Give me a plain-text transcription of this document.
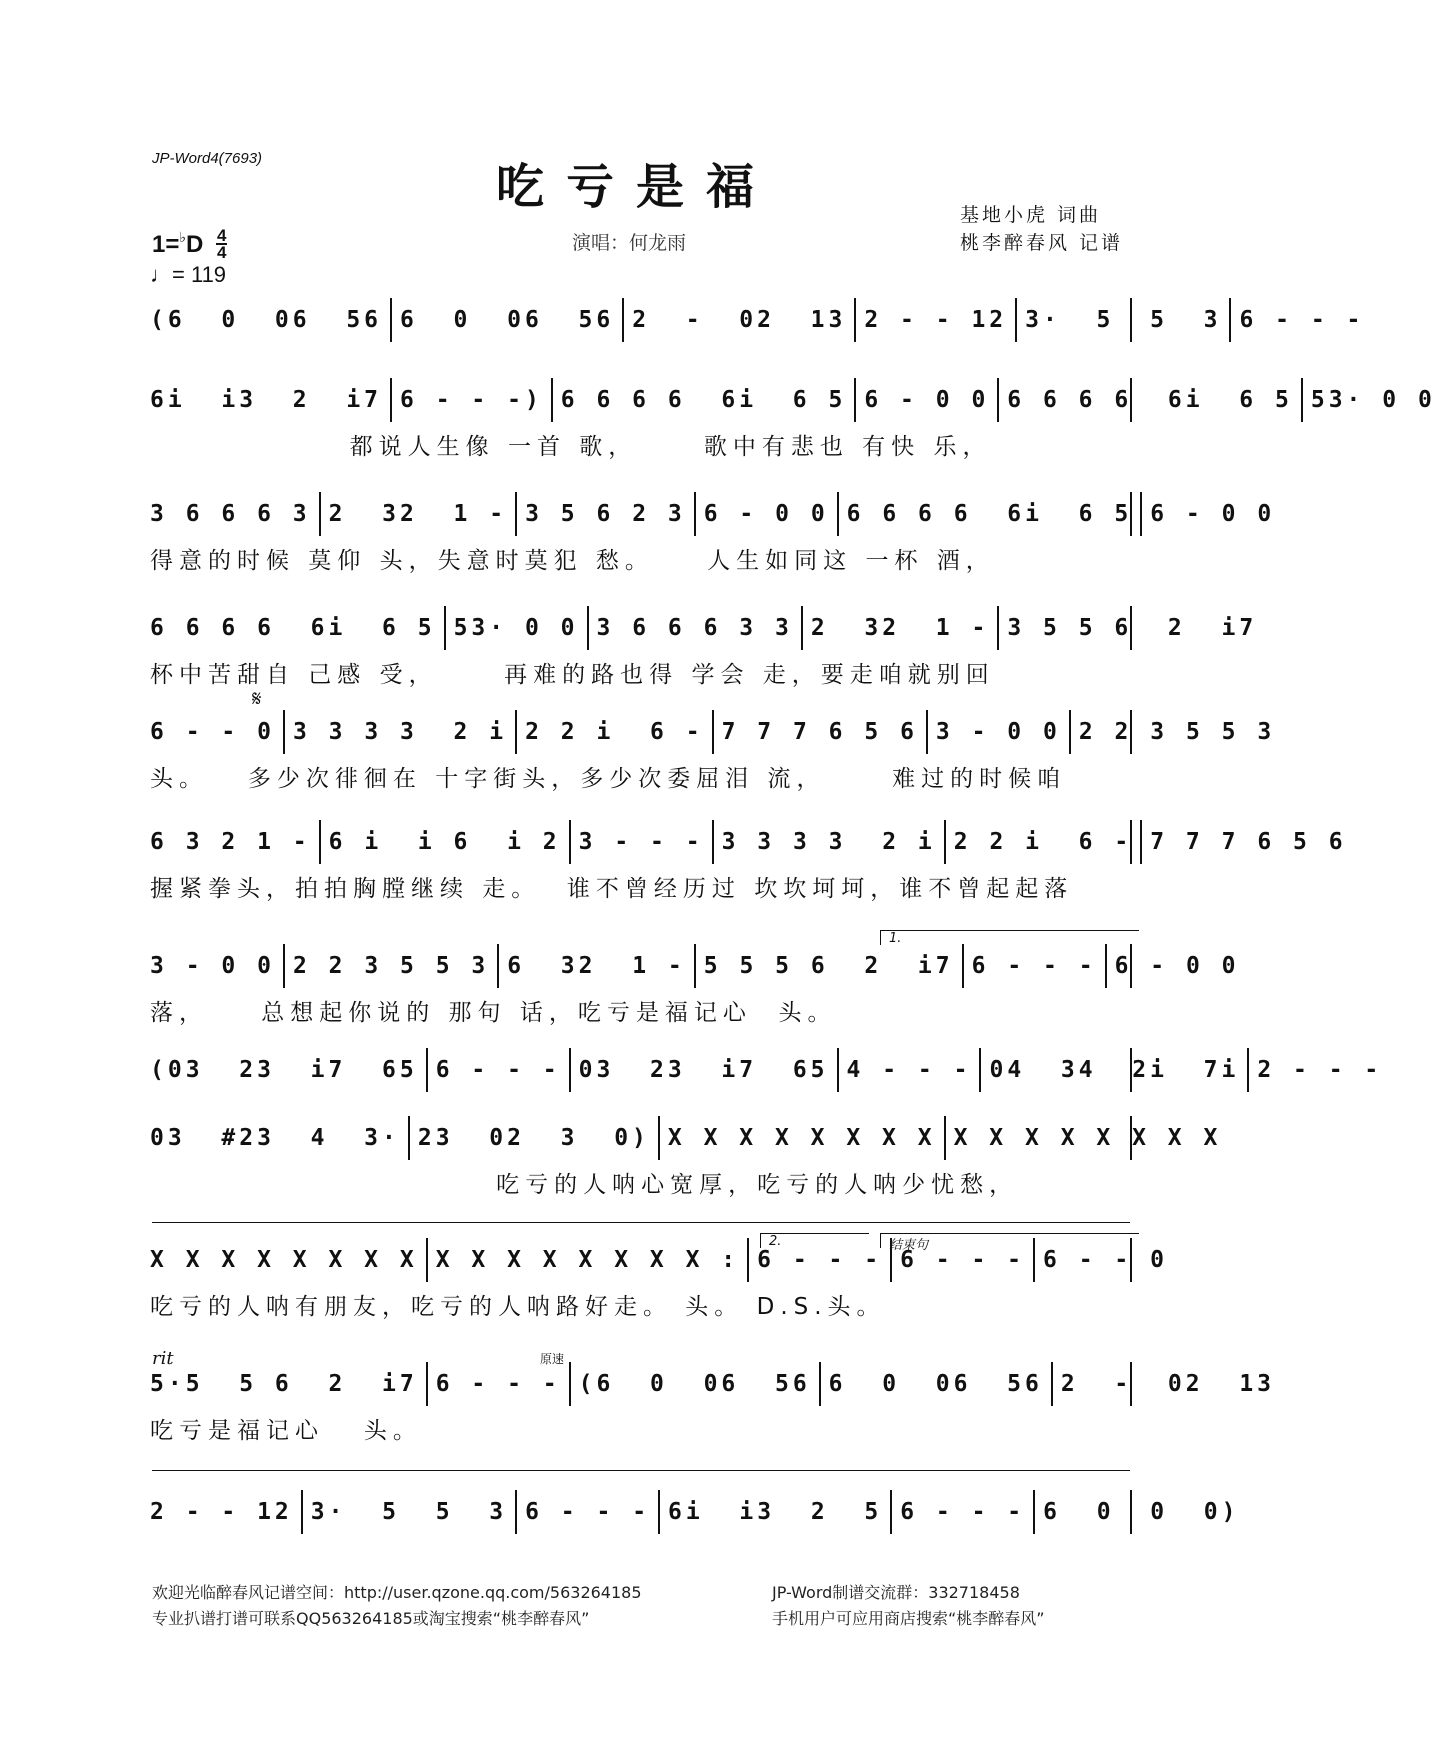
JP-Word4(7693)
吃亏是福
$1=^♭D \frac{4}{4}$
♩= 119
演唱：何龙雨
基地小虎 词曲
桃李醉春风 记谱
𝄋
1.
2.	结束句
rit	原速
(6  0  06  56 6  0  06  56 2  -  02  13 2 - - 12 3·  5  5  3 6 - - -
6i  i3  2  i7 6 - - -) 6 6 6 6  6i  6 5 6 - 0 0 6 6 6 6  6i  6 5 53· 0 0
都说人生像 一首 歌，     歌中有悲也 有快 乐，
3 6 6 6 3 2  32  1 - 3 5 6 2 3 6 - 0 0 6 6 6 6  6i  6 5 6 - 0 0
得意的时候 莫仰 头，失意时莫犯 愁。    人生如同这 一杯 酒，
6 6 6 6  6i  6 5 53· 0 0 3 6 6 6 3 3 2  32  1 - 3 5 5 6  2  i7
杯中苦甜自 己感 受，     再难的路也得 学会 走，要走咱就别回
6 - - 0 3 3 3 3  2 i 2 2 i  6 - 7 7 7 6 5 6 3 - 0 0 2 2 3 5 5 3
头。   多少次徘徊在 十字街头，多少次委屈泪 流，     难过的时候咱
6 3 2 1 - 6 i  i 6  i 2 3 - - - 3 3 3 3  2 i 2 2 i  6 - 7 7 7 6 5 6
握紧拳头，拍拍胸膛继续 走。  谁不曾经历过 坎坎坷坷，谁不曾起起落
3 - 0 0 2 2 3 5 5 3 6  32  1 - 5 5 5 6  2  i7 6 - - - 6 - 0 0
落，    总想起你说的 那句 话，吃亏是福记心  头。
(03  23  i7  65 6 - - - 03  23  i7  65 4 - - - 04  34  2i  7i 2 - - -
03  #23  4  3· 23  02  3  0) X X X X X X X X X X X X X X X X
吃亏的人呐心宽厚，吃亏的人呐少忧愁，
X X X X X X X X X X X X X X X X : 6 - - - 6 - - - 6 - - 0
吃亏的人呐有朋友，吃亏的人呐路好走。 头。 D.S.头。
5·5  5 6  2  i7 6 - - - (6  0  06  56 6  0  06  56 2  -  02  13
吃亏是福记心   头。
2 - - 12 3·  5  5  3 6 - - - 6i  i3  2  5 6 - - - 6  0  0  0)
欢迎光临醉春风记谱空间：http://user.qzone.qq.com/563264185	JP-Word制谱交流群：332718458
专业扒谱打谱可联系QQ563264185或淘宝搜索“桃李醉春风”	手机用户可应用商店搜索“桃李醉春风”
